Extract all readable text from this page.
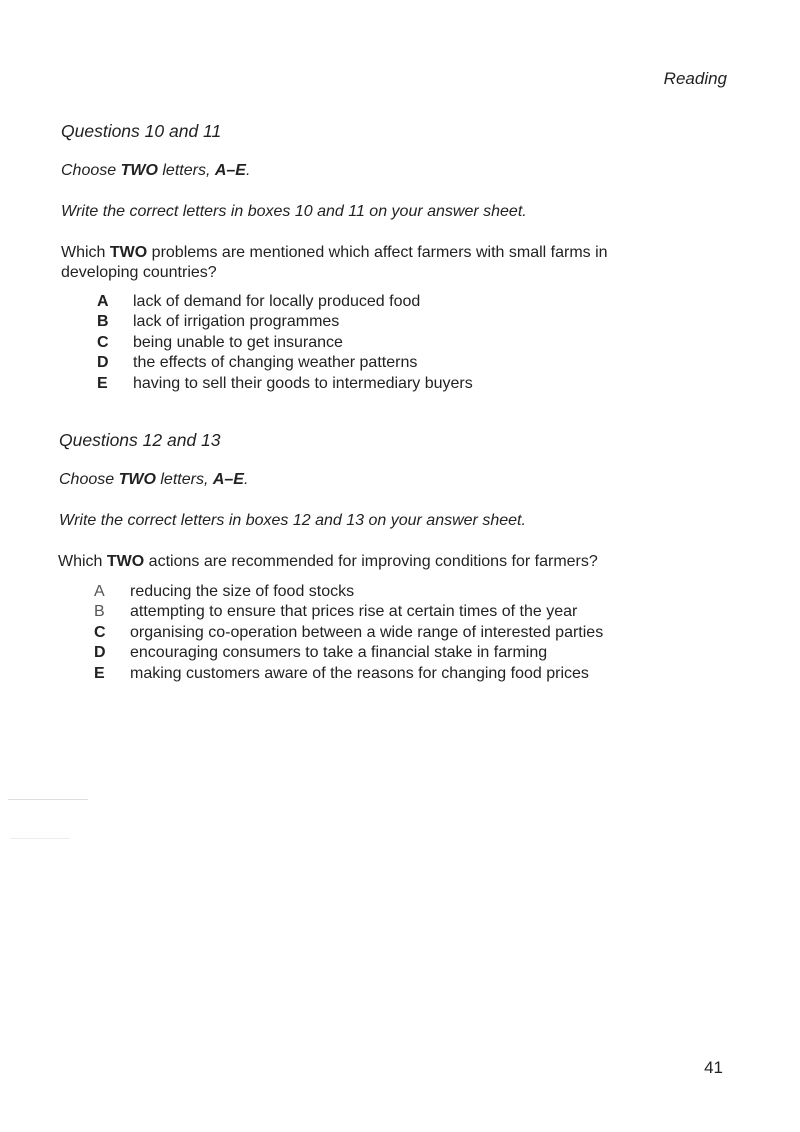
Reading
Questions 10 and 11
Choose TWO letters, A–E.
Write the correct letters in boxes 10 and 11 on your answer sheet.
Which TWO problems are mentioned which affect farmers with small farms in
developing countries?
A lack of demand for locally produced food
B lack of irrigation programmes
C being unable to get insurance
D the effects of changing weather patterns
E having to sell their goods to intermediary buyers
Questions 12 and 13
Choose TWO letters, A–E.
Write the correct letters in boxes 12 and 13 on your answer sheet.
Which TWO actions are recommended for improving conditions for farmers?
A reducing the size of food stocks
B attempting to ensure that prices rise at certain times of the year
C organising co-operation between a wide range of interested parties
D encouraging consumers to take a financial stake in farming
E making customers aware of the reasons for changing food prices
41
